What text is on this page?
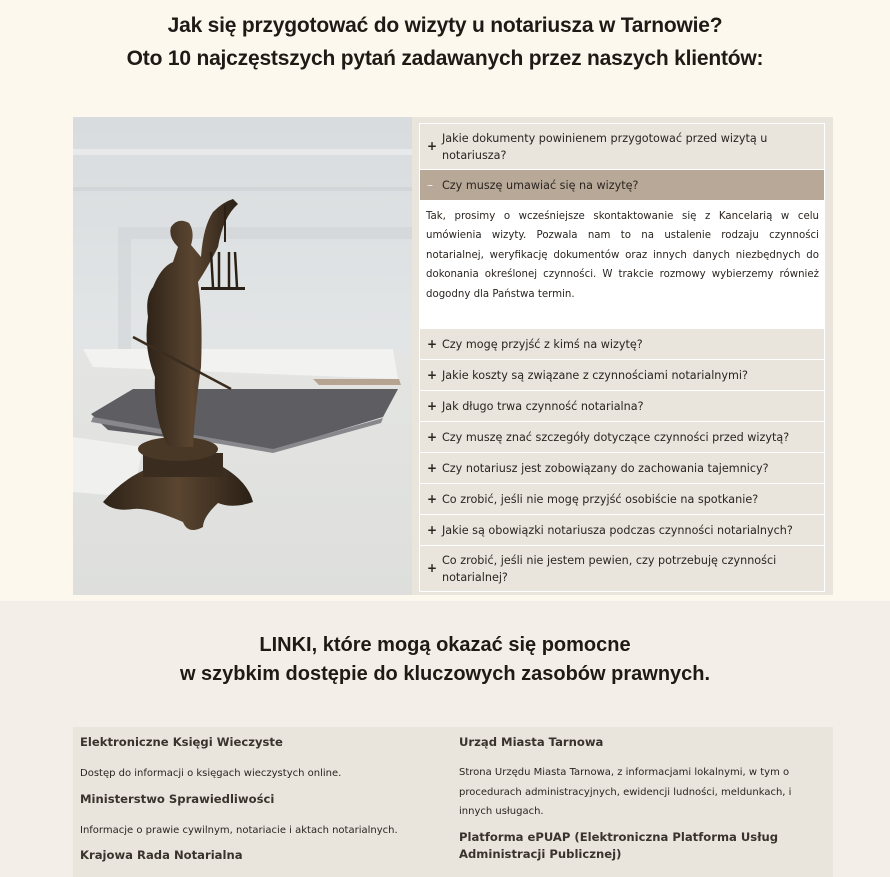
Jak się przygotować do wizyty u notariusza w Tarnowie?
Oto 10 najczęstszych pytań zadawanych przez naszych klientów:
+
Jakie dokumenty powinienem przygotować przed wizytą u notariusza?
– Czy muszę umawiać się na wizytę?
Tak, prosimy o wcześniejsze skontaktowanie się z Kancelarią w celu umówienia wizyty. Pozwala nam to na ustalenie rodzaju czynności notarialnej, weryfikację dokumentów oraz innych danych niezbędnych do dokonania określonej czynności. W trakcie rozmowy wybierzemy również dogodny dla Państwa termin.
+ Czy mogę przyjść z kimś na wizytę?
+ Jakie koszty są związane z czynnościami notarialnymi?
+ Jak długo trwa czynność notarialna?
+ Czy muszę znać szczegóły dotyczące czynności przed wizytą?
+ Czy notariusz jest zobowiązany do zachowania tajemnicy?
+ Co zrobić, jeśli nie mogę przyjść osobiście na spotkanie?
+ Jakie są obowiązki notariusza podczas czynności notarialnych?
+
Co zrobić, jeśli nie jestem pewien, czy potrzebuję czynności notarialnej?
LINKI, które mogą okazać się pomocne
w szybkim dostępie do kluczowych zasobów prawnych.
Elektroniczne Księgi Wieczyste
Dostęp do informacji o księgach wieczystych online.
Ministerstwo Sprawiedliwości
Informacje o prawie cywilnym, notariacie i aktach notarialnych.
Krajowa Rada Notarialna
Urząd Miasta Tarnowa
Strona Urzędu Miasta Tarnowa, z informacjami lokalnymi, w tym o procedurach administracyjnych, ewidencji ludności, meldunkach, i innych usługach.
Platforma ePUAP (Elektroniczna Platforma Usług Administracji Publicznej)
